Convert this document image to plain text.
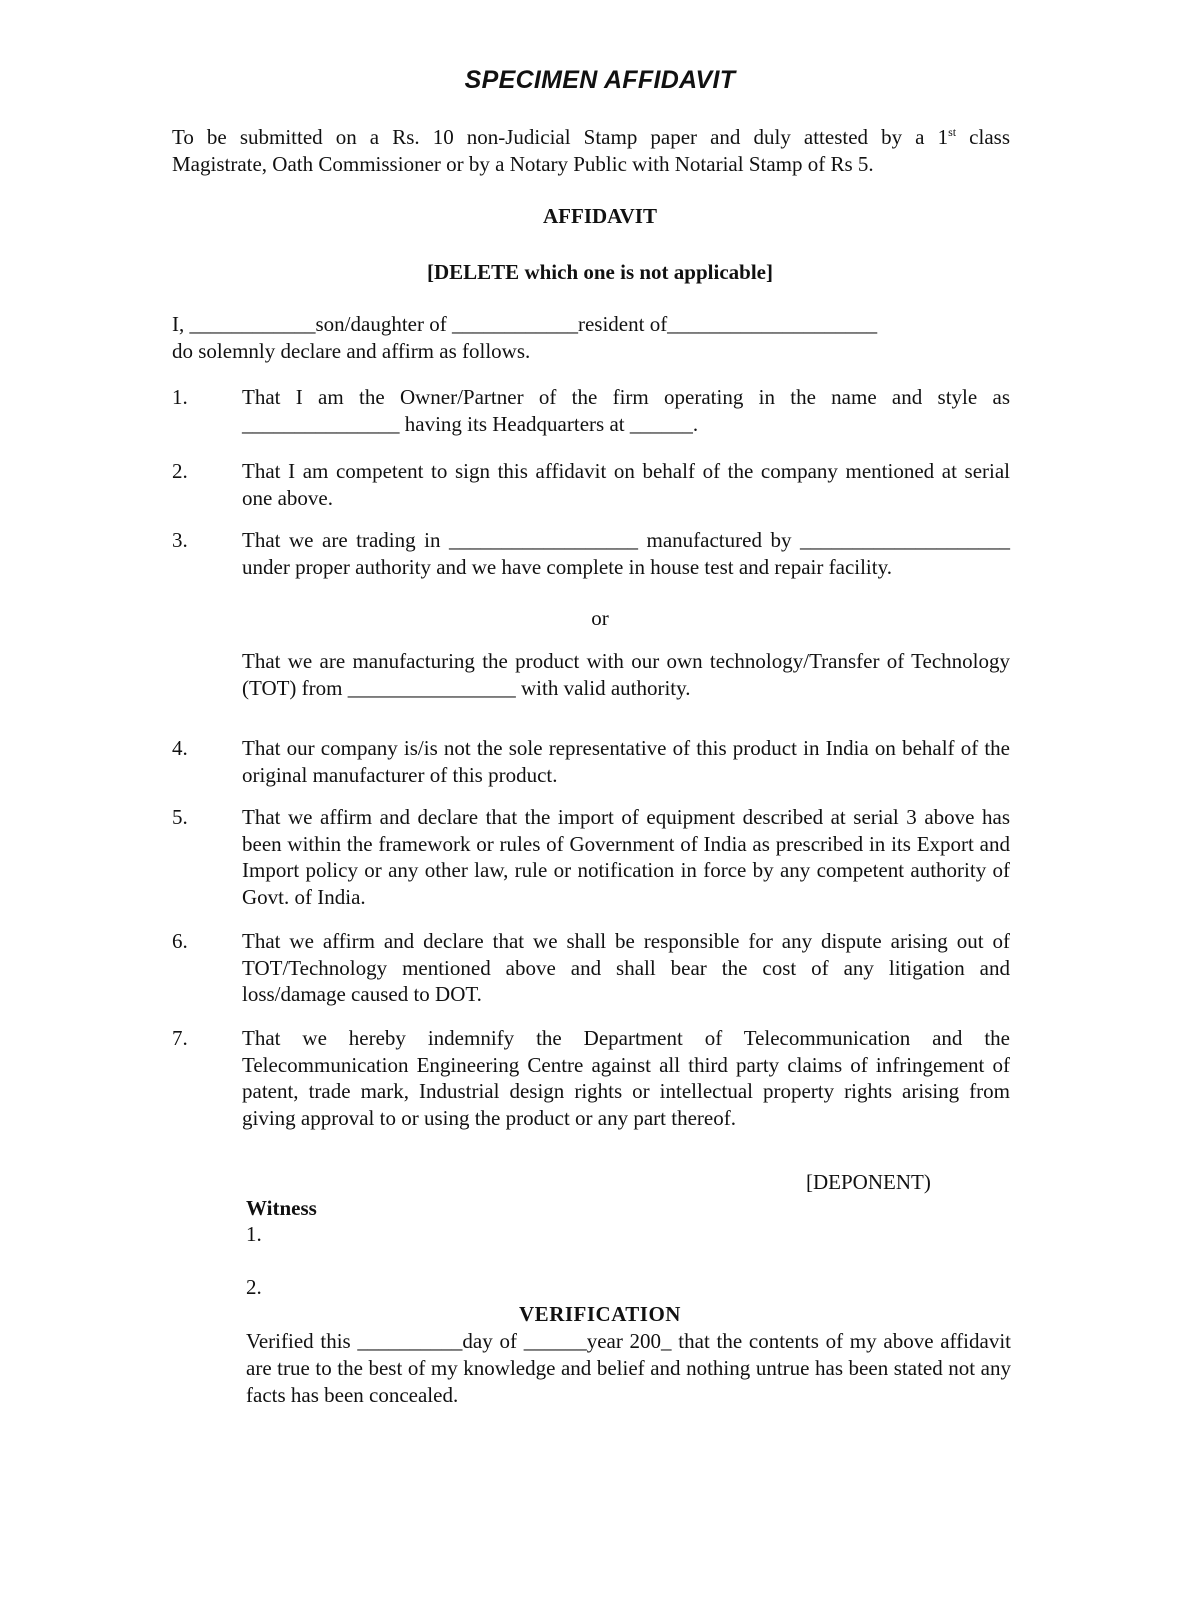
SPECIMEN AFFIDAVIT
To be submitted on a Rs. 10 non-Judicial Stamp paper and duly attested by a 1st class
Magistrate, Oath Commissioner or by a Notary Public with Notarial Stamp of Rs 5.
AFFIDAVIT
[DELETE which one is not applicable]
I, ____________son/daughter of ____________resident of____________________
do solemnly declare and affirm as follows.
1.	That I am the Owner/Partner of the firm operating in the name and style as _______________ having its Headquarters at ______.
2.	That I am competent to sign this affidavit on behalf of the company mentioned at serial one above.
3.	That we are trading in __________________ manufactured by ____________________ under proper authority and we have complete in house test and repair facility.
or
That we are manufacturing the product with our own technology/Transfer of Technology (TOT) from ________________ with valid authority.
4.	That our company is/is not the sole representative of this product in India on behalf of the original manufacturer of this product.
5.	That we affirm and declare that the import of equipment described at serial 3 above has been within the framework or rules of Government of India as prescribed in its Export and Import policy or any other law, rule or notification in force by any competent authority of Govt. of India.
6.	That we affirm and declare that we shall be responsible for any dispute arising out of TOT/Technology mentioned above and shall bear the cost of any litigation and loss/damage caused to DOT.
7.	That we hereby indemnify the Department of Telecommunication and the Telecommunication Engineering Centre against all third party claims of infringement of patent, trade mark, Industrial design rights or intellectual property rights arising from giving approval to or using the product or any part thereof.
[DEPONENT)
Witness
1.
2.
VERIFICATION
Verified this __________day of ______year 200_ that the contents of my above affidavit are true to the best of my knowledge and belief and nothing untrue has been stated not any facts has been concealed.
